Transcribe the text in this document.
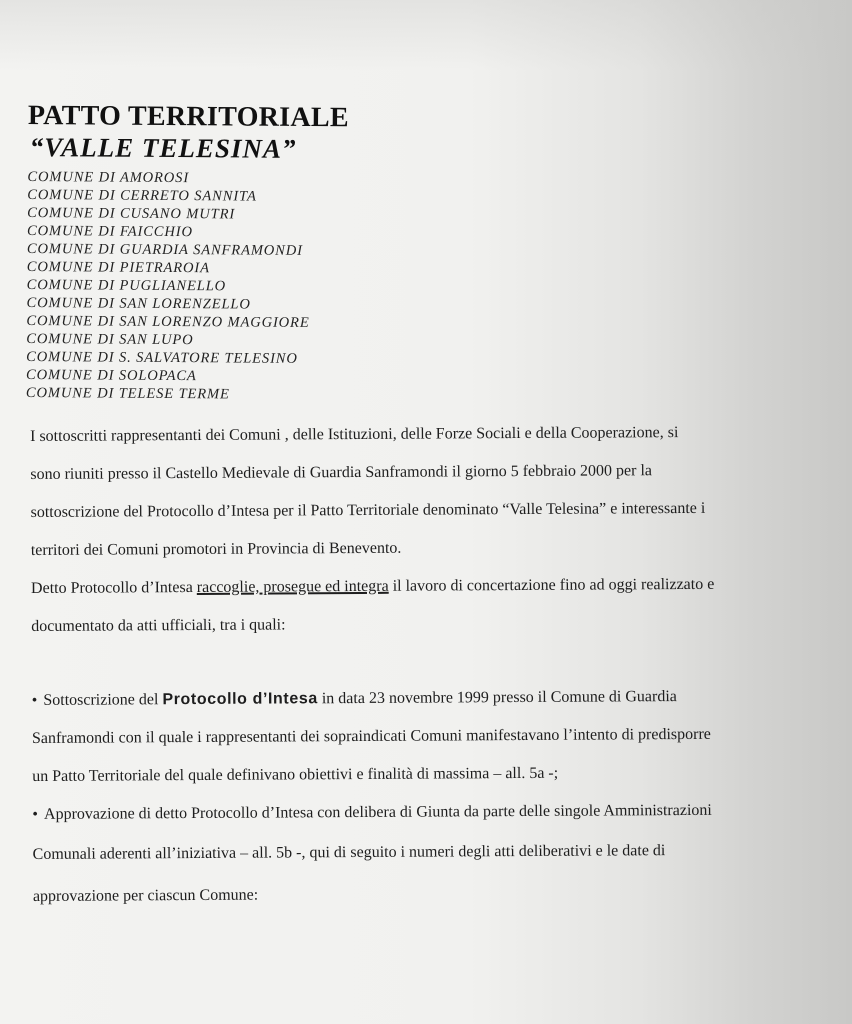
PATTO TERRITORIALE
“VALLE TELESINA”
COMUNE DI AMOROSI
COMUNE DI CERRETO SANNITA
COMUNE DI CUSANO MUTRI
COMUNE DI FAICCHIO
COMUNE DI GUARDIA SANFRAMONDI
COMUNE DI PIETRAROIA
COMUNE DI PUGLIANELLO
COMUNE DI SAN LORENZELLO
COMUNE DI SAN LORENZO MAGGIORE
COMUNE DI SAN LUPO
COMUNE DI S. SALVATORE TELESINO
COMUNE DI SOLOPACA
COMUNE DI TELESE TERME
I sottoscritti rappresentanti dei Comuni , delle Istituzioni, delle Forze Sociali e della Cooperazione, si
sono riuniti presso il Castello Medievale di Guardia Sanframondi il giorno 5 febbraio 2000 per la
sottoscrizione del Protocollo d’Intesa per il Patto Territoriale denominato “Valle Telesina” e interessante i
territori dei Comuni promotori in Provincia di Benevento.
Detto Protocollo d’Intesa raccoglie, prosegue ed integra il lavoro di concertazione fino ad oggi realizzato e
documentato da atti ufficiali, tra i quali:
• Sottoscrizione del Protocollo d’Intesa in data 23 novembre 1999 presso il Comune di Guardia
Sanframondi con il quale i rappresentanti dei sopraindicati Comuni manifestavano l’intento di predisporre
un Patto Territoriale del quale definivano obiettivi e finalità di massima – all. 5a -;
• Approvazione di detto Protocollo d’Intesa con delibera di Giunta da parte delle singole Amministrazioni
Comunali aderenti all’iniziativa – all. 5b -, qui di seguito i numeri degli atti deliberativi e le date di
approvazione per ciascun Comune:
